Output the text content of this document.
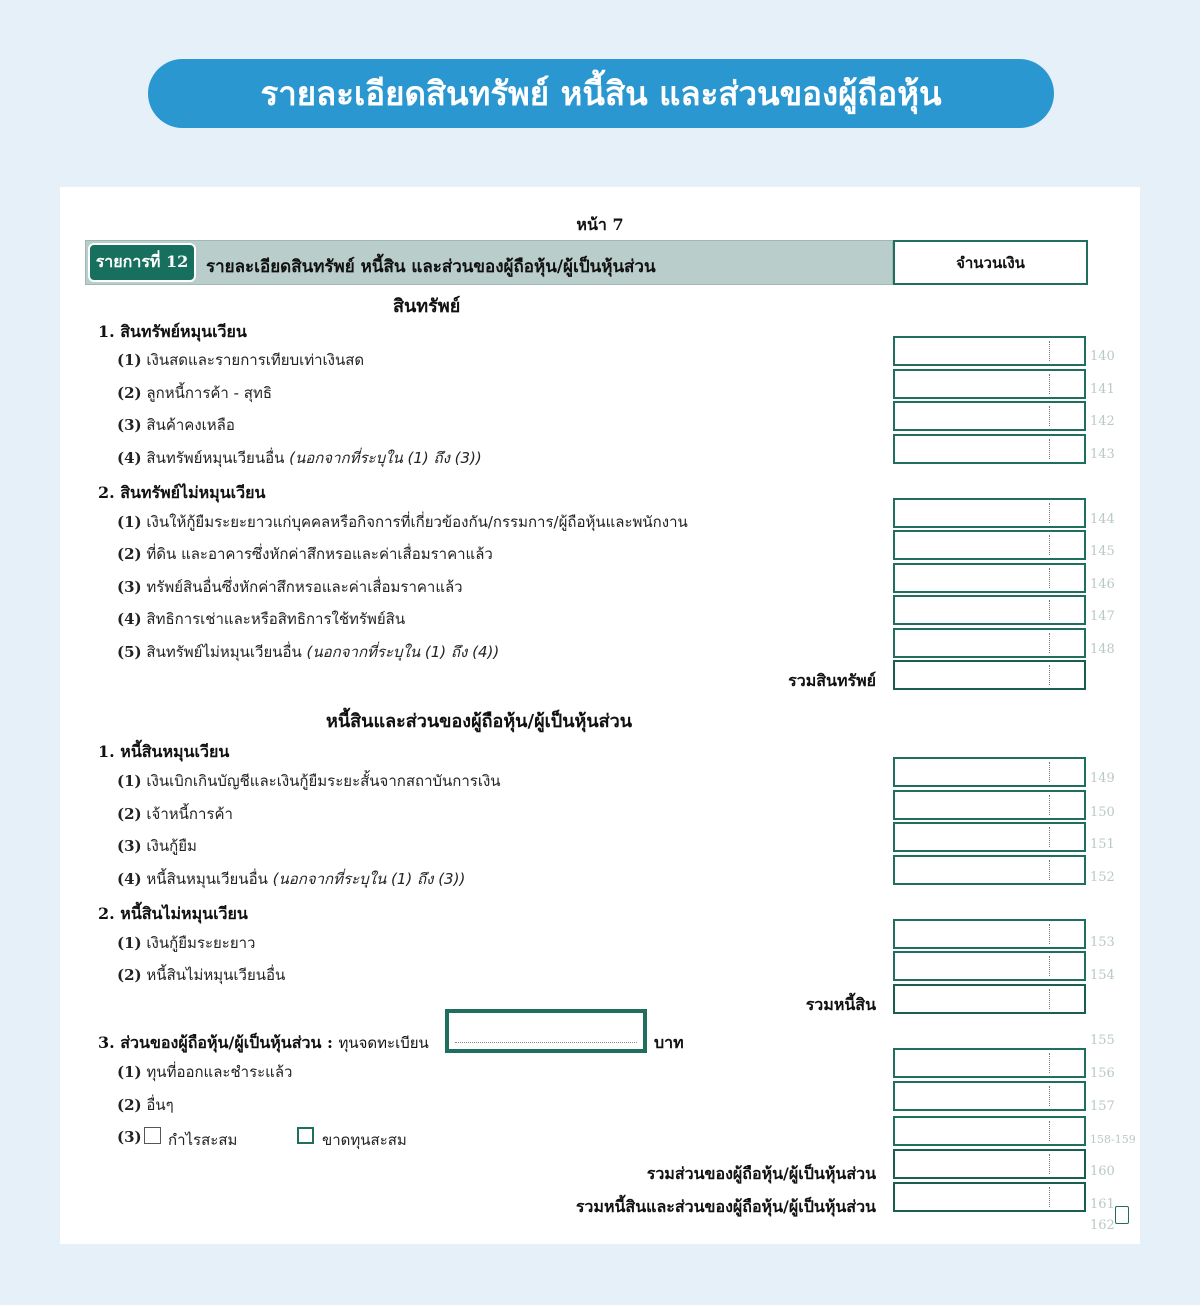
รายละเอียดสินทรัพย์ หนี้สิน และส่วนของผู้ถือหุ้น
หน้า 7
รายการที่ 12	รายละเอียดสินทรัพย์ หนี้สิน และส่วนของผู้ถือหุ้น/ผู้เป็นหุ้นส่วน	จำนวนเงิน
สินทรัพย์
1. สินทรัพย์หมุนเวียน
(1) เงินสดและรายการเทียบเท่าเงินสด	140
(2) ลูกหนี้การค้า - สุทธิ	141
(3) สินค้าคงเหลือ	142
(4) สินทรัพย์หมุนเวียนอื่น (นอกจากที่ระบุใน (1) ถึง (3))	143
2. สินทรัพย์ไม่หมุนเวียน
(1) เงินให้กู้ยืมระยะยาวแก่บุคคลหรือกิจการที่เกี่ยวข้องกัน/กรรมการ/ผู้ถือหุ้นและพนักงาน	144
(2) ที่ดิน และอาคารซึ่งหักค่าสึกหรอและค่าเสื่อมราคาแล้ว	145
(3) ทรัพย์สินอื่นซึ่งหักค่าสึกหรอและค่าเสื่อมราคาแล้ว	146
(4) สิทธิการเช่าและหรือสิทธิการใช้ทรัพย์สิน	147
(5) สินทรัพย์ไม่หมุนเวียนอื่น (นอกจากที่ระบุใน (1) ถึง (4))	148
รวมสินทรัพย์
หนี้สินและส่วนของผู้ถือหุ้น/ผู้เป็นหุ้นส่วน
1. หนี้สินหมุนเวียน
(1) เงินเบิกเกินบัญชีและเงินกู้ยืมระยะสั้นจากสถาบันการเงิน	149
(2) เจ้าหนี้การค้า	150
(3) เงินกู้ยืม	151
(4) หนี้สินหมุนเวียนอื่น (นอกจากที่ระบุใน (1) ถึง (3))	152
2. หนี้สินไม่หมุนเวียน
(1) เงินกู้ยืมระยะยาว	153
(2) หนี้สินไม่หมุนเวียนอื่น	154
รวมหนี้สิน
3. ส่วนของผู้ถือหุ้น/ผู้เป็นหุ้นส่วน : ทุนจดทะเบียน	บาท	155
(1) ทุนที่ออกและชำระแล้ว	156
(2) อื่นๆ	157
(3) กำไรสะสม	ขาดทุนสะสม	158-159
รวมส่วนของผู้ถือหุ้น/ผู้เป็นหุ้นส่วน	160
รวมหนี้สินและส่วนของผู้ถือหุ้น/ผู้เป็นหุ้นส่วน	161
162
